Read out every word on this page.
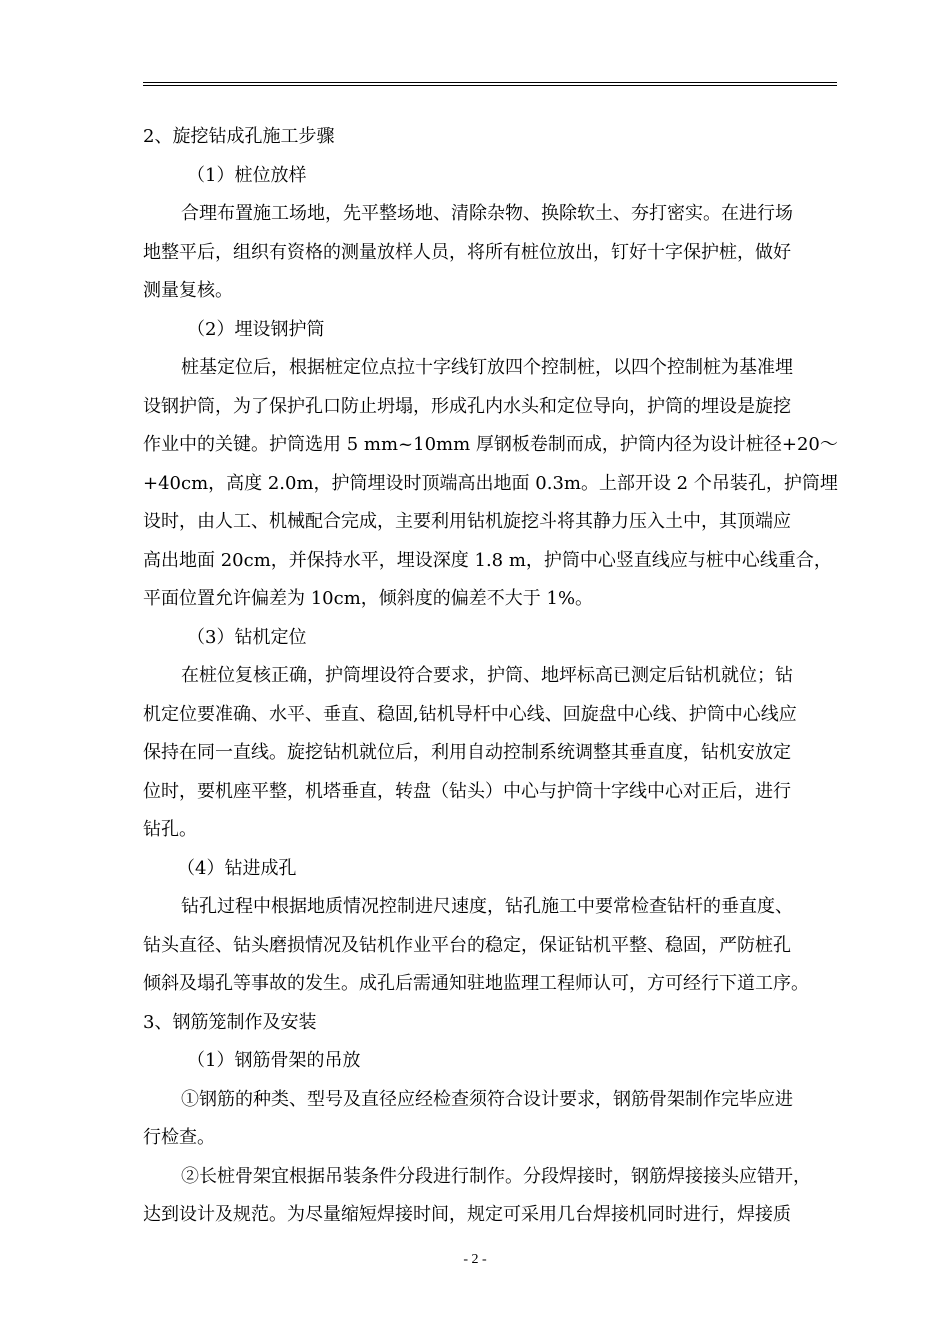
2、旋挖钻成孔施工步骤
（1）桩位放样
合理布置施工场地，先平整场地、清除杂物、换除软土、夯打密实。在进行场
地整平后，组织有资格的测量放样人员，将所有桩位放出，钉好十字保护桩，做好
测量复核。
（2）埋设钢护筒
桩基定位后，根据桩定位点拉十字线钉放四个控制桩，以四个控制桩为基准埋
设钢护筒，为了保护孔口防止坍塌，形成孔内水头和定位导向，护筒的埋设是旋挖
作业中的关键。护筒选用 5 mm~10mm 厚钢板卷制而成，护筒内径为设计桩径+20～
+40cm，高度 2.0m，护筒埋设时顶端高出地面 0.3m。上部开设 2 个吊装孔，护筒埋
设时，由人工、机械配合完成，主要利用钻机旋挖斗将其静力压入土中，其顶端应
高出地面 20cm，并保持水平，埋设深度 1.8 m，护筒中心竖直线应与桩中心线重合，
平面位置允许偏差为 10cm，倾斜度的偏差不大于 1%。
（3）钻机定位
在桩位复核正确，护筒埋设符合要求，护筒、地坪标高已测定后钻机就位；钻
机定位要准确、水平、垂直、稳固,钻机导杆中心线、回旋盘中心线、护筒中心线应
保持在同一直线。旋挖钻机就位后，利用自动控制系统调整其垂直度，钻机安放定
位时，要机座平整，机塔垂直，转盘（钻头）中心与护筒十字线中心对正后，进行
钻孔。
（4）钻进成孔
钻孔过程中根据地质情况控制进尺速度，钻孔施工中要常检查钻杆的垂直度、
钻头直径、钻头磨损情况及钻机作业平台的稳定，保证钻机平整、稳固，严防桩孔
倾斜及塌孔等事故的发生。成孔后需通知驻地监理工程师认可，方可经行下道工序。
3、钢筋笼制作及安装
（1）钢筋骨架的吊放
①钢筋的种类、型号及直径应经检查须符合设计要求，钢筋骨架制作完毕应进
行检查。
②长桩骨架宜根据吊装条件分段进行制作。分段焊接时，钢筋焊接接头应错开，
达到设计及规范。为尽量缩短焊接时间，规定可采用几台焊接机同时进行，焊接质
- 2 -
